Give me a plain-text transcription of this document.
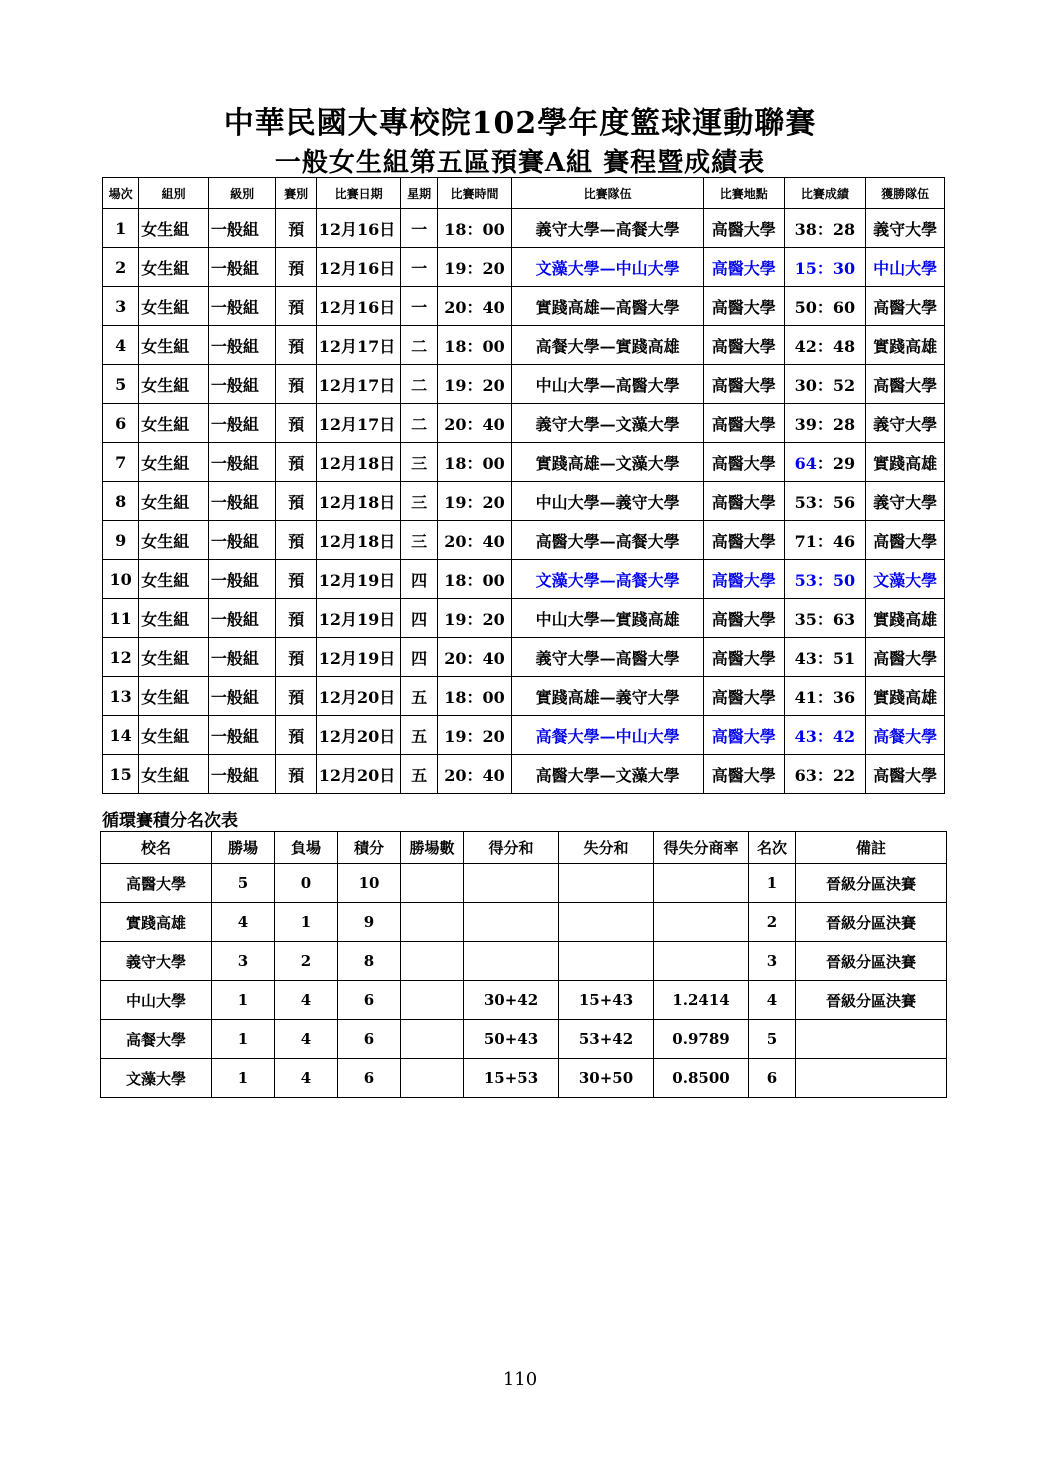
中華民國大專校院102學年度籃球運動聯賽
一般女生組第五區預賽A組 賽程暨成績表
場次	組別	級別	賽別	比賽日期	星期	比賽時間	比賽隊伍	比賽地點	比賽成績	獲勝隊伍
1	女生組	一般組	預	12月16日	一	18：00	義守大學—高餐大學	高醫大學	38：28	義守大學
2	女生組	一般組	預	12月16日	一	19：20	文藻大學—中山大學	高醫大學	15：30	中山大學
3	女生組	一般組	預	12月16日	一	20：40	實踐高雄—高醫大學	高醫大學	50：60	高醫大學
4	女生組	一般組	預	12月17日	二	18：00	高餐大學—實踐高雄	高醫大學	42：48	實踐高雄
5	女生組	一般組	預	12月17日	二	19：20	中山大學—高醫大學	高醫大學	30：52	高醫大學
6	女生組	一般組	預	12月17日	二	20：40	義守大學—文藻大學	高醫大學	39：28	義守大學
7	女生組	一般組	預	12月18日	三	18：00	實踐高雄—文藻大學	高醫大學	64：29	實踐高雄
8	女生組	一般組	預	12月18日	三	19：20	中山大學—義守大學	高醫大學	53：56	義守大學
9	女生組	一般組	預	12月18日	三	20：40	高醫大學—高餐大學	高醫大學	71：46	高醫大學
10	女生組	一般組	預	12月19日	四	18：00	文藻大學—高餐大學	高醫大學	53：50	文藻大學
11	女生組	一般組	預	12月19日	四	19：20	中山大學—實踐高雄	高醫大學	35：63	實踐高雄
12	女生組	一般組	預	12月19日	四	20：40	義守大學—高醫大學	高醫大學	43：51	高醫大學
13	女生組	一般組	預	12月20日	五	18：00	實踐高雄—義守大學	高醫大學	41：36	實踐高雄
14	女生組	一般組	預	12月20日	五	19：20	高餐大學—中山大學	高醫大學	43：42	高餐大學
15	女生組	一般組	預	12月20日	五	20：40	高醫大學—文藻大學	高醫大學	63：22	高醫大學
循環賽積分名次表
校名	勝場	負場	積分	勝場數	得分和	失分和	得失分商率	名次	備註
高醫大學	5	0	10					1	晉級分區決賽
實踐高雄	4	1	9					2	晉級分區決賽
義守大學	3	2	8					3	晉級分區決賽
中山大學	1	4	6		30+42	15+43	1.2414	4	晉級分區決賽
高餐大學	1	4	6		50+43	53+42	0.9789	5	
文藻大學	1	4	6		15+53	30+50	0.8500	6	
110
